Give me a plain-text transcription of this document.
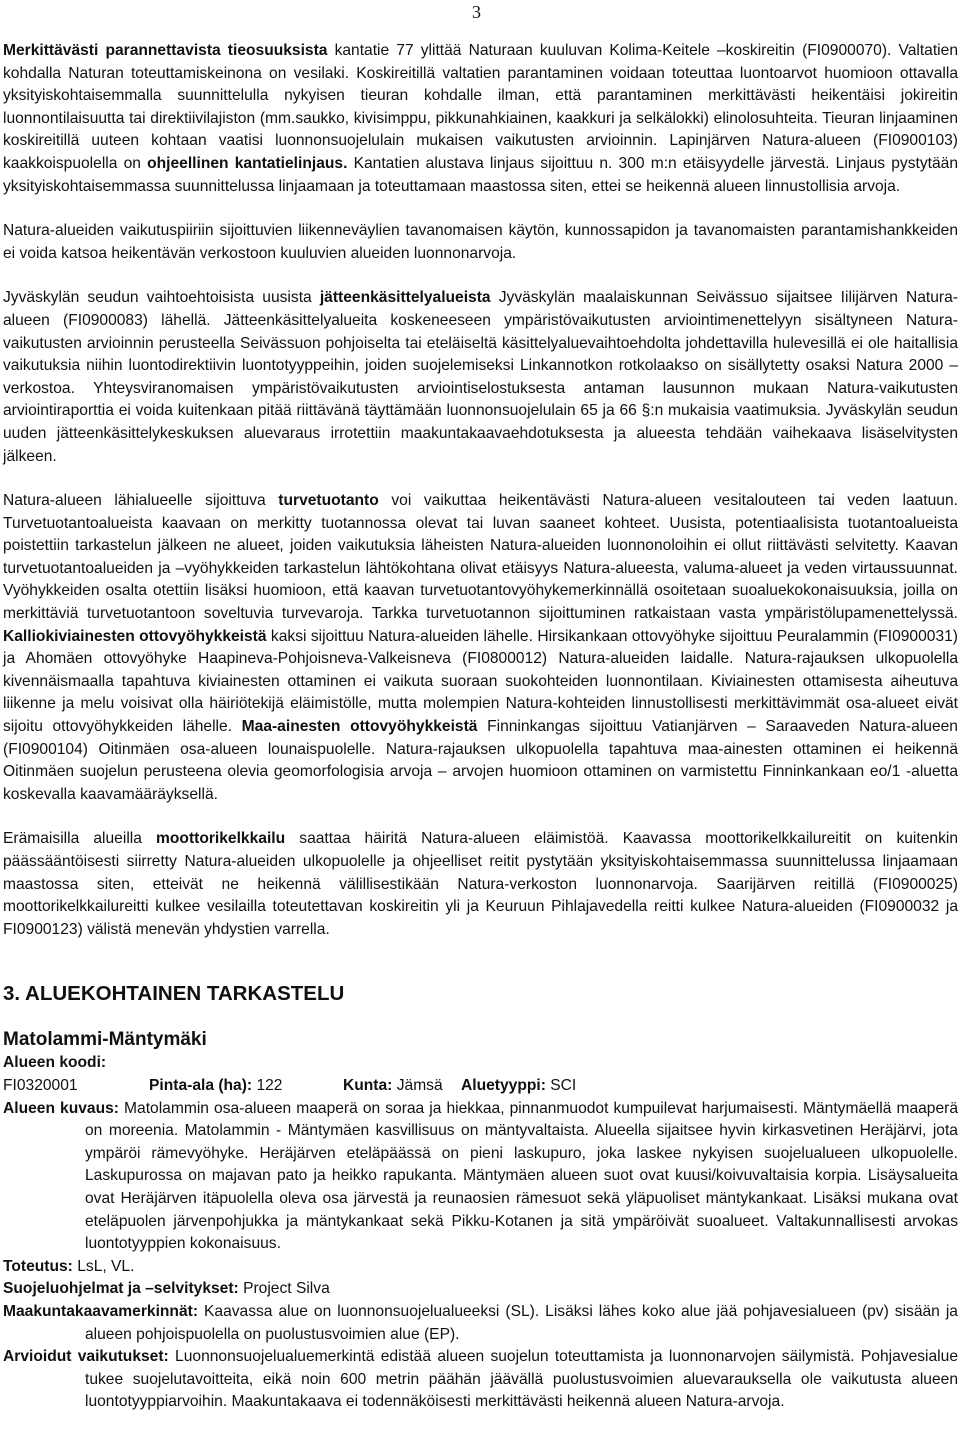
3

Merkittävästi parannettavista tieosuuksista kantatie 77 ylittää Naturaan kuuluvan Kolima-Keitele –koskireitin (FI0900070). Valtatien kohdalla Naturan toteuttamiskeinona on vesilaki. Koskireitillä valtatien parantaminen voidaan toteuttaa luontoarvot huomioon ottavalla yksityiskohtaisemmalla suunnittelulla nykyisen tieuran kohdalle ilman, että parantaminen merkittävästi heikentäisi jokireitin luonnontilaisuutta tai direktiivilajiston (mm.saukko, kivisimppu, pikkunahkiainen, kaakkuri ja selkälokki) elinolosuhteita. Tieuran linjaaminen koskireitillä uuteen kohtaan vaatisi luonnonsuojelulain mukaisen vaikutusten arvioinnin. Lapinjärven Natura-alueen (FI0900103) kaakkoispuolella on ohjeellinen kantatielinjaus. Kantatien alustava linjaus sijoittuu n. 300 m:n etäisyydelle järvestä. Linjaus pystytään yksityiskohtaisemmassa suunnittelussa linjaamaan ja toteuttamaan maastossa siten, ettei se heikennä alueen linnustollisia arvoja.

Natura-alueiden vaikutuspiiriin sijoittuvien liikenneväylien tavanomaisen käytön, kunnossapidon ja tavanomaisten parantamishankkeiden ei voida katsoa heikentävän verkostoon kuuluvien alueiden luonnonarvoja.

Jyväskylän seudun vaihtoehtoisista uusista jätteenkäsittelyalueista Jyväskylän maalaiskunnan Seivässuo sijaitsee Iilijärven Natura-alueen (FI0900083) lähellä. Jätteenkäsittelyalueita koskeneeseen ympäristövaikutusten arviointimenettelyyn sisältyneen Natura-vaikutusten arvioinnin perusteella Seivässuon pohjoiselta tai eteläiseltä käsittelyaluevaihtoehdolta johdettavilla hulevesillä ei ole haitallisia vaikutuksia niihin luontodirektiivin luontotyyppeihin, joiden suojelemiseksi Linkannotkon rotkolaakso on sisällytetty osaksi Natura 2000 –verkostoa. Yhteysviranomaisen ympäristövaikutusten arviointiselostuksesta antaman lausunnon mukaan Natura-vaikutusten arviointiraporttia ei voida kuitenkaan pitää riittävänä täyttämään luonnonsuojelulain 65 ja 66 §:n mukaisia vaatimuksia. Jyväskylän seudun uuden jätteenkäsittelykeskuksen aluevaraus irrotettiin maakuntakaavaehdotuksesta ja alueesta tehdään vaihekaava lisäselvitysten jälkeen.

Natura-alueen lähialueelle sijoittuva turvetuotanto voi vaikuttaa heikentävästi Natura-alueen vesitalouteen tai veden laatuun. Turvetuotantoalueista kaavaan on merkitty tuotannossa olevat tai luvan saaneet kohteet. Uusista, potentiaalisista tuotantoalueista poistettiin tarkastelun jälkeen ne alueet, joiden vaikutuksia läheisten Natura-alueiden luonnonoloihin ei ollut riittävästi selvitetty. Kaavan turvetuotantoalueiden ja –vyöhykkeiden tarkastelun lähtökohtana olivat etäisyys Natura-alueesta, valuma-alueet ja veden virtaussuunnat. Vyöhykkeiden osalta otettiin lisäksi huomioon, että kaavan turvetuotantovyöhykemerkinnällä osoitetaan suoaluekokonaisuuksia, joilla on merkittäviä turvetuotantoon soveltuvia turvevaroja. Tarkka turvetuotannon sijoittuminen ratkaistaan vasta ympäristölupamenettelyssä. Kalliokiviainesten ottovyöhykkeistä kaksi sijoittuu Natura-alueiden lähelle. Hirsikankaan ottovyöhyke sijoittuu Peuralammin (FI0900031) ja Ahomäen ottovyöhyke Haapineva-Pohjoisneva-Valkeisneva (FI0800012) Natura-alueiden laidalle. Natura-rajauksen ulkopuolella kivennäismaalla tapahtuva kiviainesten ottaminen ei vaikuta suoraan suokohteiden luonnontilaan. Kiviainesten ottamisesta aiheutuva liikenne ja melu voisivat olla häiriötekijä eläimistölle, mutta molempien Natura-kohteiden linnustollisesti merkittävimmät osa-alueet eivät sijoitu ottovyöhykkeiden lähelle. Maa-ainesten ottovyöhykkeistä Finninkangas sijoittuu Vatianjärven – Saraaveden Natura-alueen (FI0900104) Oitinmäen osa-alueen lounaispuolelle. Natura-rajauksen ulkopuolella tapahtuva maa-ainesten ottaminen ei heikennä Oitinmäen suojelun perusteena olevia geomorfologisia arvoja – arvojen huomioon ottaminen on varmistettu Finninkankaan eo/1 -aluetta koskevalla kaavamääräyksellä.

Erämaisilla alueilla moottorikelkkailu saattaa häiritä Natura-alueen eläimistöä. Kaavassa moottorikelkkailureitit on kuitenkin päässääntöisesti siirretty Natura-alueiden ulkopuolelle ja ohjeelliset reitit pystytään yksityiskohtaisemmassa suunnittelussa linjaamaan maastossa siten, etteivät ne heikennä välillisestikään Natura-verkoston luonnonarvoja. Saarijärven reitillä (FI0900025) moottorikelkkailureitti kulkee vesilailla toteutettavan koskireitin yli ja Keuruun Pihlajavedella reitti kulkee Natura-alueiden (FI0900032 ja FI0900123) välistä menevän yhdystien varrella.

3. ALUEKOHTAINEN TARKASTELU
Matolammi-Mäntymäki
Alueen koodi: FI0320001	Pinta-ala (ha): 122	Kunta: Jämsä Aluetyyppi: SCI
Alueen kuvaus: Matolammin osa-alueen maaperä on soraa ja hiekkaa, pinnanmuodot kumpuilevat harjumaisesti. Mäntymäellä maaperä on moreenia. Matolammin - Mäntymäen kasvillisuus on mäntyvaltaista. Alueella sijaitsee hyvin kirkasvetinen Heräjärvi, jota ympäröi rämevyöhyke. Heräjärven eteläpäässä on pieni laskupuro, joka laskee nykyisen suojelualueen ulkopuolelle. Laskupurossa on majavan pato ja heikko rapukanta. Mäntymäen alueen suot ovat kuusi/koivuvaltaisia korpia. Lisäysalueita ovat Heräjärven itäpuolella oleva osa järvestä ja reunaosien rämesuot sekä yläpuoliset mäntykankaat. Lisäksi mukana ovat eteläpuolen järvenpohjukka ja mäntykankaat sekä Pikku-Kotanen ja sitä ympäröivät suoalueet. Valtakunnallisesti arvokas luontotyyppien kokonaisuus.
Toteutus: LsL, VL.
Suojeluohjelmat ja –selvitykset: Project Silva
Maakuntakaavamerkinnät: Kaavassa alue on luonnonsuojelualueeksi (SL). Lisäksi lähes koko alue jää pohjavesialueen (pv) sisään ja alueen pohjoispuolella on puolustusvoimien alue (EP).
Arvioidut vaikutukset: Luonnonsuojelualuemerkintä edistää alueen suojelun toteuttamista ja luonnonarvojen säilymistä. Pohjavesialue tukee suojelutavoitteita, eikä noin 600 metrin päähän jäävällä puolustusvoimien aluevarauksella ole vaikutusta alueen luontotyyppiarvoihin. Maakuntakaava ei todennäköisesti merkittävästi heikennä alueen Natura-arvoja.
